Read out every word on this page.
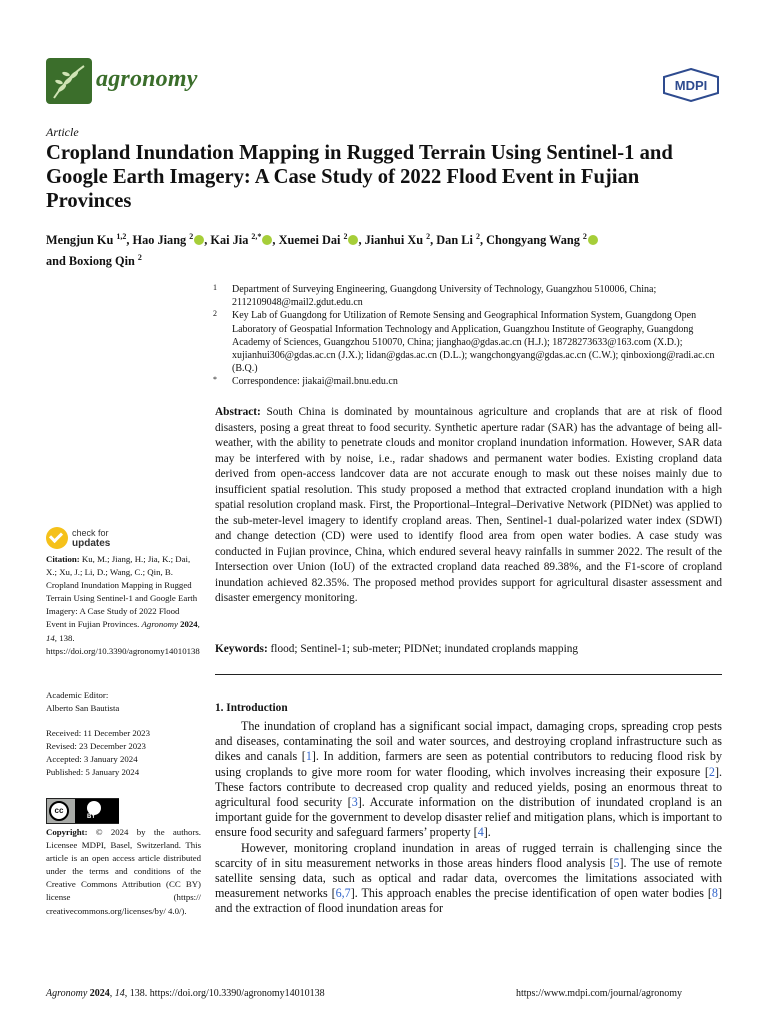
agronomy	MDPI
Article
Cropland Inundation Mapping in Rugged Terrain Using Sentinel-1 and Google Earth Imagery: A Case Study of 2022 Flood Event in Fujian Provinces
Mengjun Ku $^{1,2}$, Hao Jiang $^2$ , Kai Jia $^{2,*}$ , Xuemei Dai $^2$ , Jianhui Xu $^2$, Dan Li $^2$, Chongyang Wang $^2$
and Boxiong Qin $^2$
1 Department of Surveying Engineering, Guangdong University of Technology, Guangzhou 510006, China; 2112109048@mail2.gdut.edu.cn
2 Key Lab of Guangdong for Utilization of Remote Sensing and Geographical Information System, Guangdong Open Laboratory of Geospatial Information Technology and Application, Guangzhou Institute of Geography, Guangdong Academy of Sciences, Guangzhou 510070, China; jianghao@gdas.ac.cn (H.J.); 18728273633@163.com (X.D.); xujianhui306@gdas.ac.cn (J.X.); lidan@gdas.ac.cn (D.L.); wangchongyang@gdas.ac.cn (C.W.); qinboxiong@radi.ac.cn (B.Q.)
* Correspondence: jiakai@mail.bnu.edu.cn
Abstract: South China is dominated by mountainous agriculture and croplands that are at risk of flood disasters, posing a great threat to food security. Synthetic aperture radar (SAR) has the advantage of being all-weather, with the ability to penetrate clouds and monitor cropland inundation information. However, SAR data may be interfered with by noise, i.e., radar shadows and permanent water bodies. Existing cropland data derived from open-access landcover data are not accurate enough to mask out these noises mainly due to insufficient spatial resolution. This study proposed a method that extracted cropland inundation with a high spatial resolution cropland mask. First, the Proportional–Integral–Derivative Network (PIDNet) was applied to the sub-meter-level imagery to identify cropland areas. Then, Sentinel-1 dual-polarized water index (SDWI) and change detection (CD) were used to identify flood area from open water bodies. A case study was conducted in Fujian province, China, which endured several heavy rainfalls in summer 2022. The result of the Intersection over Union (IoU) of the extracted cropland data reached 89.38%, and the F1-score of cropland inundation achieved 82.35%. The proposed method provides support for agricultural disaster assessment and disaster emergency monitoring.
Keywords: flood; Sentinel-1; sub-meter; PIDNet; inundated croplands mapping
1. Introduction

The inundation of cropland has a significant social impact, damaging crops, spreading crop pests and diseases, contaminating the soil and water sources, and destroying cropland infrastructure such as dikes and canals [1]. In addition, farmers are seen as potential contributors to reducing flood risk by using croplands to give more room for water flooding, which involves increasing their exposure [2]. These factors contribute to decreased crop quality and reduced yields, posing an enormous threat to agricultural food security [3]. Accurate information on the distribution of inundated cropland is an important guide for the government to develop disaster relief and mitigation plans, which is important to ensure food security and safeguard farmers’ property [4].

However, monitoring cropland inundation in areas of rugged terrain is challenging since the scarcity of in situ measurement networks in those areas hinders flood analysis [5]. The use of remote satellite sensing data, such as optical and radar data, overcomes the limitations associated with measurement networks [6,7]. This approach enables the precise identification of open water bodies [8] and the extraction of flood inundation areas for

check for
updates
Citation: Ku, M.; Jiang, H.; Jia, K.; Dai, X.; Xu, J.; Li, D.; Wang, C.; Qin, B. Cropland Inundation Mapping in Rugged Terrain Using Sentinel-1 and Google Earth Imagery: A Case Study of 2022 Flood Event in Fujian Provinces. Agronomy 2024, 14, 138. https://doi.org/10.3390/agronomy14010138
Academic Editor: Alberto San Bautista

Received: 11 December 2023

Revised: 23 December 2023

Accepted: 3 January 2024

Published: 5 January 2024

cc
BY
Copyright: © 2024 by the authors. Licensee MDPI, Basel, Switzerland. This article is an open access article distributed under the terms and conditions of the Creative Commons Attribution (CC BY) license (https:// creativecommons.org/licenses/by/ 4.0/).
Agronomy 2024, 14, 138. https://doi.org/10.3390/agronomy14010138	https://www.mdpi.com/journal/agronomy
